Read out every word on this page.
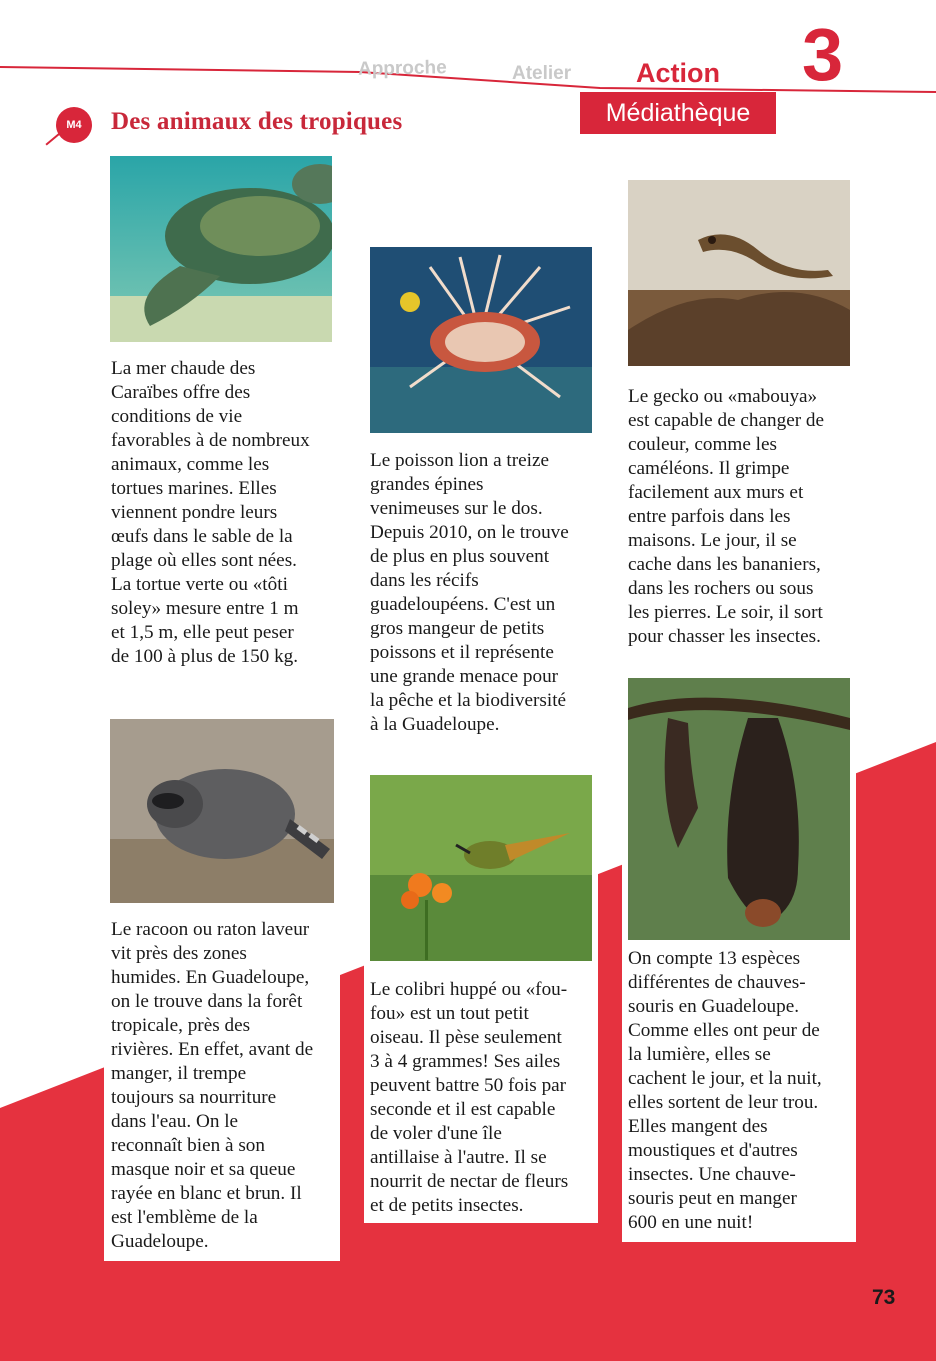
Approche	Atelier Action 3
Médiathèque
M4	Des animaux des tropiques
La mer chaude des
Caraïbes offre des
conditions de vie
favorables à de nombreux
animaux, comme les
tortues marines. Elles
viennent pondre leurs
œufs dans le sable de la
plage où elles sont nées.
La tortue verte ou «tôti
soley» mesure entre 1 m
et 1,5 m, elle peut peser
de 100 à plus de 150 kg.
Le poisson lion a treize
grandes épines
venimeuses sur le dos.
Depuis 2010, on le trouve
de plus en plus souvent
dans les récifs
guadeloupéens. C'est un
gros mangeur de petits
poissons et il représente
une grande menace pour
la pêche et la biodiversité
à la Guadeloupe.
Le gecko ou «mabouya»
est capable de changer de
couleur, comme les
caméléons. Il grimpe
facilement aux murs et
entre parfois dans les
maisons. Le jour, il se
cache dans les bananiers,
dans les rochers ou sous
les pierres. Le soir, il sort
pour chasser les insectes.
Le racoon ou raton laveur
vit près des zones
humides. En Guadeloupe,
on le trouve dans la forêt
tropicale, près des
rivières. En effet, avant de
manger, il trempe
toujours sa nourriture
dans l'eau. On le
reconnaît bien à son
masque noir et sa queue
rayée en blanc et brun. Il
est l'emblème de la
Guadeloupe.
Le colibri huppé ou «fou-
fou» est un tout petit
oiseau. Il pèse seulement
3 à 4 grammes! Ses ailes
peuvent battre 50 fois par
seconde et il est capable
de voler d'une île
antillaise à l'autre. Il se
nourrit de nectar de fleurs
et de petits insectes.
On compte 13 espèces
différentes de chauves-
souris en Guadeloupe.
Comme elles ont peur de
la lumière, elles se
cachent le jour, et la nuit,
elles sortent de leur trou.
Elles mangent des
moustiques et d'autres
insectes. Une chauve-
souris peut en manger
600 en une nuit!
73
